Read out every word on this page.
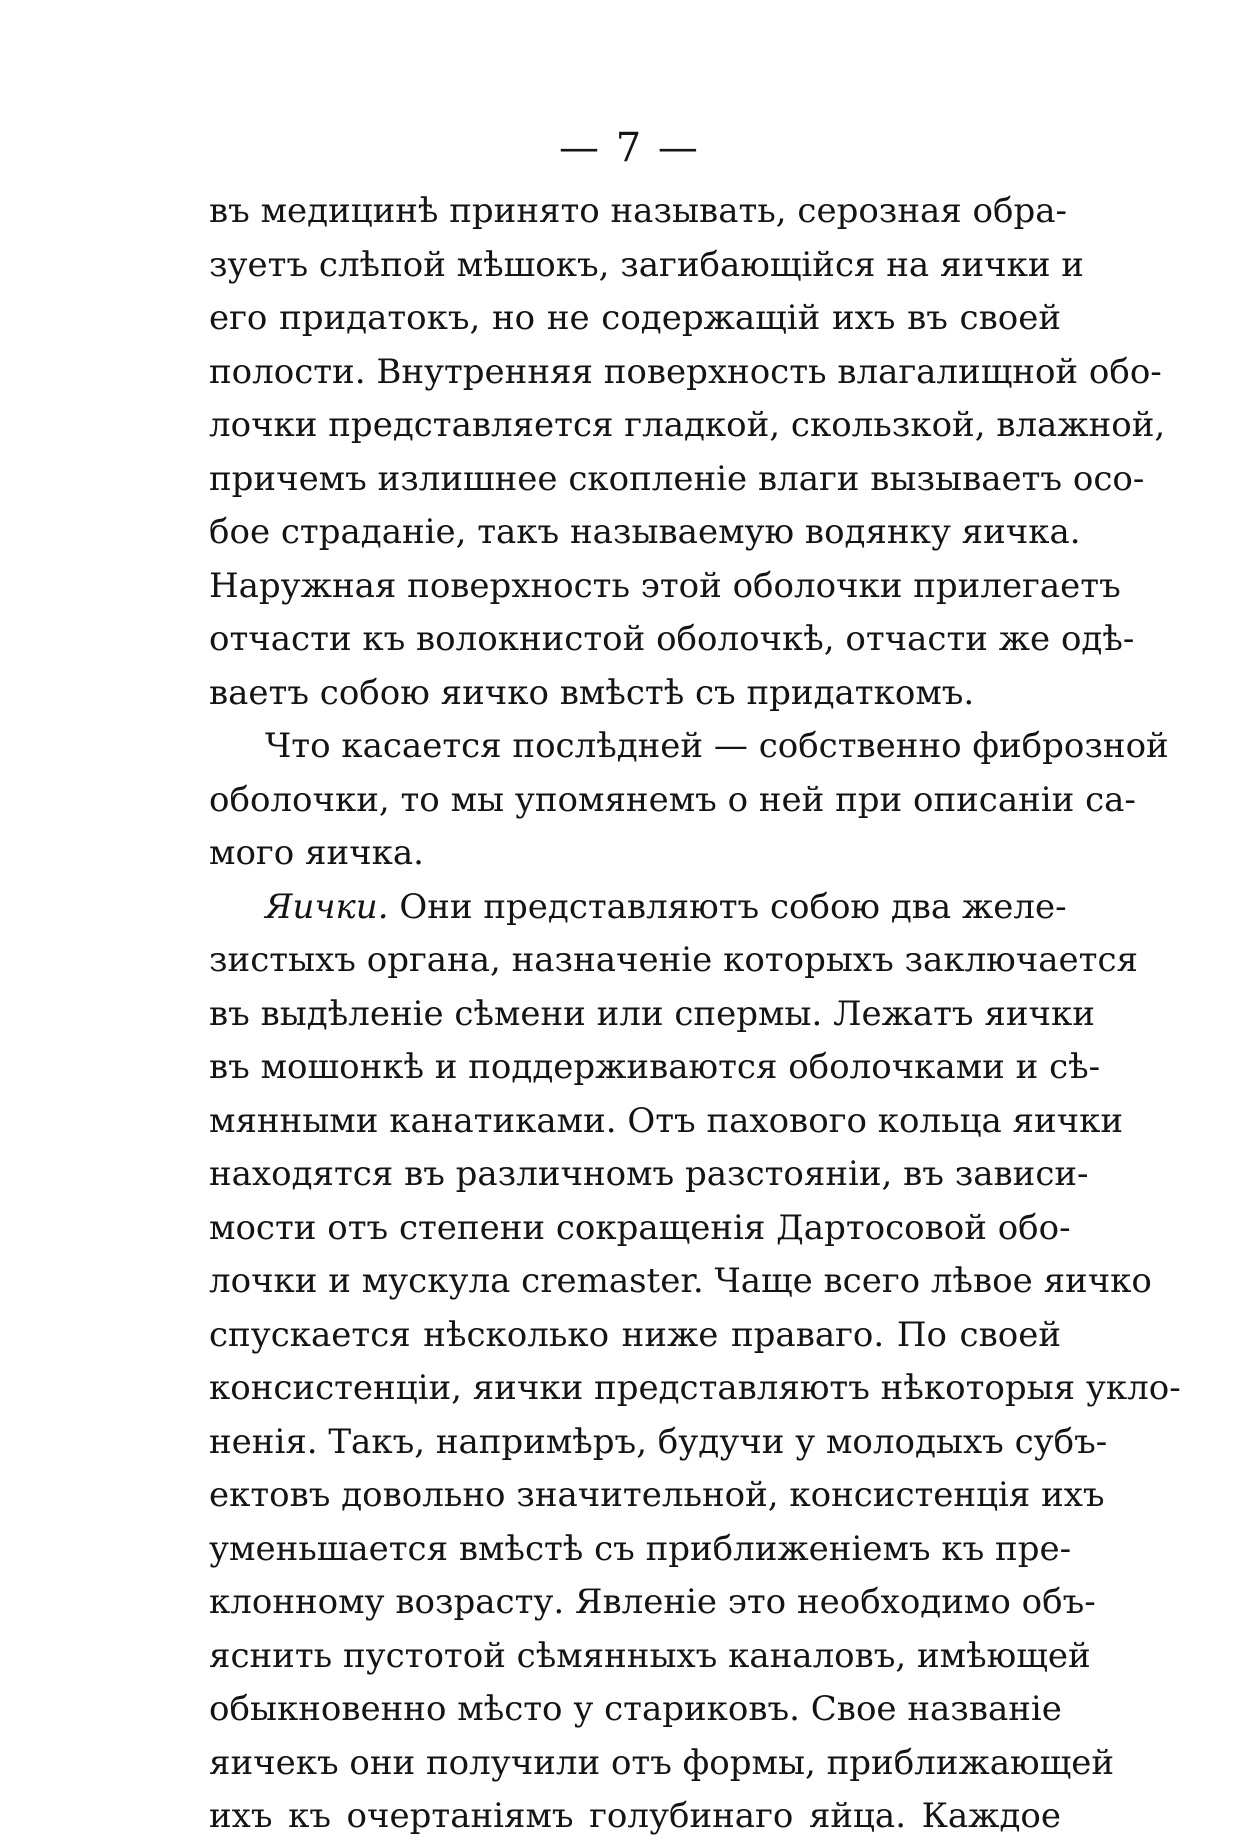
— 7 —
въ медицинѣ принято называть, серозная обра-
зуетъ слѣпой мѣшокъ, загибающійся на яички и
его придатокъ, но не содержащій ихъ въ своей
полости. Внутренняя поверхность влагалищной обо-
лочки представляется гладкой, скользкой, влажной,
причемъ излишнее скопленіе влаги вызываетъ осо-
бое страданіе, такъ называемую водянку яичка.
Наружная поверхность этой оболочки прилегаетъ
отчасти къ волокнистой оболочкѣ, отчасти же одѣ-
ваетъ собою яичко вмѣстѣ съ придаткомъ.
Что касается послѣдней — собственно фиброзной
оболочки, то мы упомянемъ о ней при описаніи са-
мого яичка.
Яички. Они представляютъ собою два желе-
зистыхъ органа, назначеніе которыхъ заключается
въ выдѣленіе сѣмени или спермы. Лежатъ яички
въ мошонкѣ и поддерживаются оболочками и сѣ-
мянными канатиками. Отъ пахового кольца яички
находятся въ различномъ разстояніи, въ зависи-
мости отъ степени сокращенія Дартосовой обо-
лочки и мускула cremaster. Чаще всего лѣвое яичко
спускается нѣсколько ниже праваго. По своей
консистенціи, яички представляютъ нѣкоторыя укло-
ненія. Такъ, напримѣръ, будучи у молодыхъ субъ-
ектовъ довольно значительной, консистенція ихъ
уменьшается вмѣстѣ съ приближеніемъ къ пре-
клонному возрасту. Явленіе это необходимо объ-
яснить пустотой сѣмянныхъ каналовъ, имѣющей
обыкновенно мѣсто у стариковъ. Свое названіе
яичекъ они получили отъ формы, приближающей
ихъ къ очертаніямъ голубинаго яйца. Каждое
